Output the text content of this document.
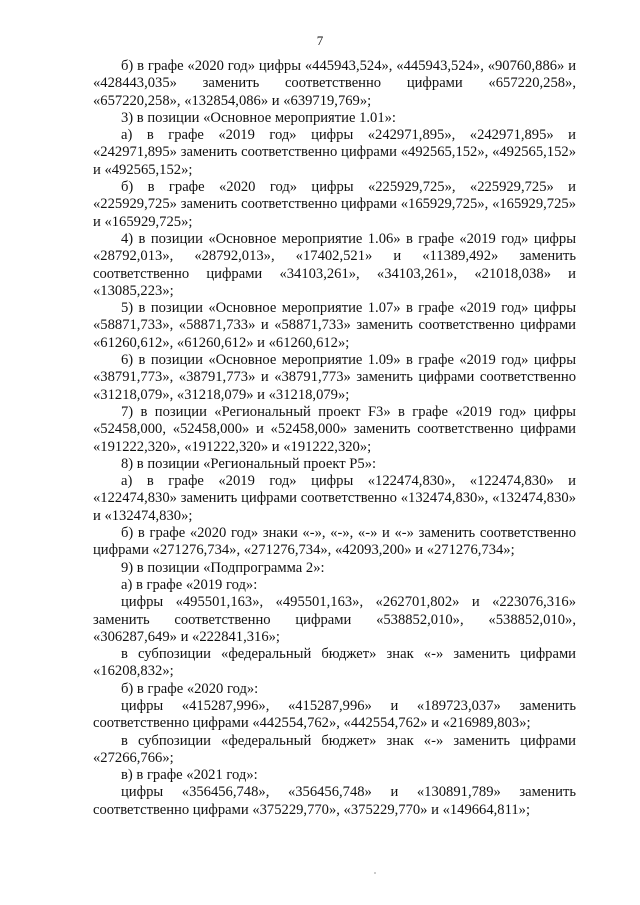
7

б) в графе «2020 год» цифры «445943,524», «445943,524», «90760,886» и «428443,035» заменить соответственно цифрами «657220,258», «657220,258», «132854,086» и «639719,769»;

3) в позиции «Основное мероприятие 1.01»:

а) в графе «2019 год» цифры «242971,895», «242971,895» и «242971,895» заменить соответственно цифрами «492565,152», «492565,152» и «492565,152»;

б) в графе «2020 год» цифры «225929,725», «225929,725» и «225929,725» заменить соответственно цифрами «165929,725», «165929,725» и «165929,725»;

4) в позиции «Основное мероприятие 1.06» в графе «2019 год» цифры «28792,013», «28792,013», «17402,521» и «11389,492» заменить соответственно цифрами «34103,261», «34103,261», «21018,038» и «13085,223»;

5) в позиции «Основное мероприятие 1.07» в графе «2019 год» цифры «58871,733», «58871,733» и «58871,733» заменить соответственно цифрами «61260,612», «61260,612» и «61260,612»;

6) в позиции «Основное мероприятие 1.09» в графе «2019 год» цифры «38791,773», «38791,773» и «38791,773» заменить цифрами соответственно «31218,079», «31218,079» и «31218,079»;

7) в позиции «Региональный проект F3» в графе «2019 год» цифры «52458,000, «52458,000» и «52458,000» заменить соответственно цифрами «191222,320», «191222,320» и «191222,320»;

8) в позиции «Региональный проект P5»:

а) в графе «2019 год» цифры «122474,830», «122474,830» и «122474,830» заменить цифрами соответственно «132474,830», «132474,830» и «132474,830»;

б) в графе «2020 год» знаки «-», «-», «-» и «-» заменить соответственно цифрами «271276,734», «271276,734», «42093,200» и «271276,734»;

9) в позиции «Подпрограмма 2»:

а) в графе «2019 год»:

цифры «495501,163», «495501,163», «262701,802» и «223076,316» заменить соответственно цифрами «538852,010», «538852,010», «306287,649» и «222841,316»;

в субпозиции «федеральный бюджет» знак «-» заменить цифрами «16208,832»;

б) в графе «2020 год»:

цифры «415287,996», «415287,996» и «189723,037» заменить соответственно цифрами «442554,762», «442554,762» и «216989,803»;

в субпозиции «федеральный бюджет» знак «-» заменить цифрами «27266,766»;

в) в графе «2021 год»:

цифры «356456,748», «356456,748» и «130891,789» заменить соответственно цифрами «375229,770», «375229,770» и «149664,811»;
